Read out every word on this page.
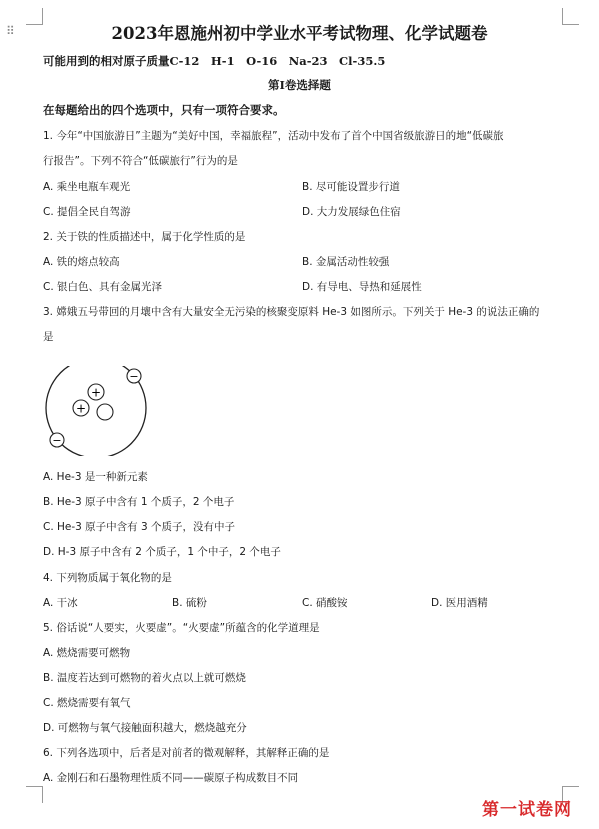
⠿	2023年恩施州初中学业水平考试物理、化学试题卷
可能用到的相对原子质量C-12　H-1　O-16　Na-23　Cl-35.5
第Ⅰ卷选择题
在每题给出的四个选项中，只有一项符合要求。
1. 今年“中国旅游日”主题为“美好中国，幸福旅程”，活动中发布了首个中国省级旅游日的地“低碳旅
行报告”。下列不符合“低碳旅行”行为的是
A. 乘坐电瓶车观光	B. 尽可能设置步行道
C. 提倡全民自驾游	D. 大力发展绿色住宿
2. 关于铁的性质描述中，属于化学性质的是
A. 铁的熔点较高	B. 金属活动性较强
C. 银白色、具有金属光泽	D. 有导电、导热和延展性
3. 嫦娥五号带回的月壤中含有大量安全无污染的核聚变原料 He-3 如图所示。下列关于 He-3 的说法正确的
是
+
+
−
−
A. He-3 是一种新元素
B. He-3 原子中含有 1 个质子，2 个电子
C. He-3 原子中含有 3 个质子，没有中子
D. H-3 原子中含有 2 个质子，1 个中子，2 个电子
4. 下列物质属于氧化物的是
A. 干冰	B. 硫粉	C. 硝酸铵	D. 医用酒精
5. 俗话说“人要实，火要虚”。“火要虚”所蕴含的化学道理是
A. 燃烧需要可燃物
B. 温度若达到可燃物的着火点以上就可燃烧
C. 燃烧需要有氧气
D. 可燃物与氧气接触面积越大，燃烧越充分
6. 下列各选项中，后者是对前者的微观解释，其解释正确的是
A. 金刚石和石墨物理性质不同——碳原子构成数目不同
第一试卷网
